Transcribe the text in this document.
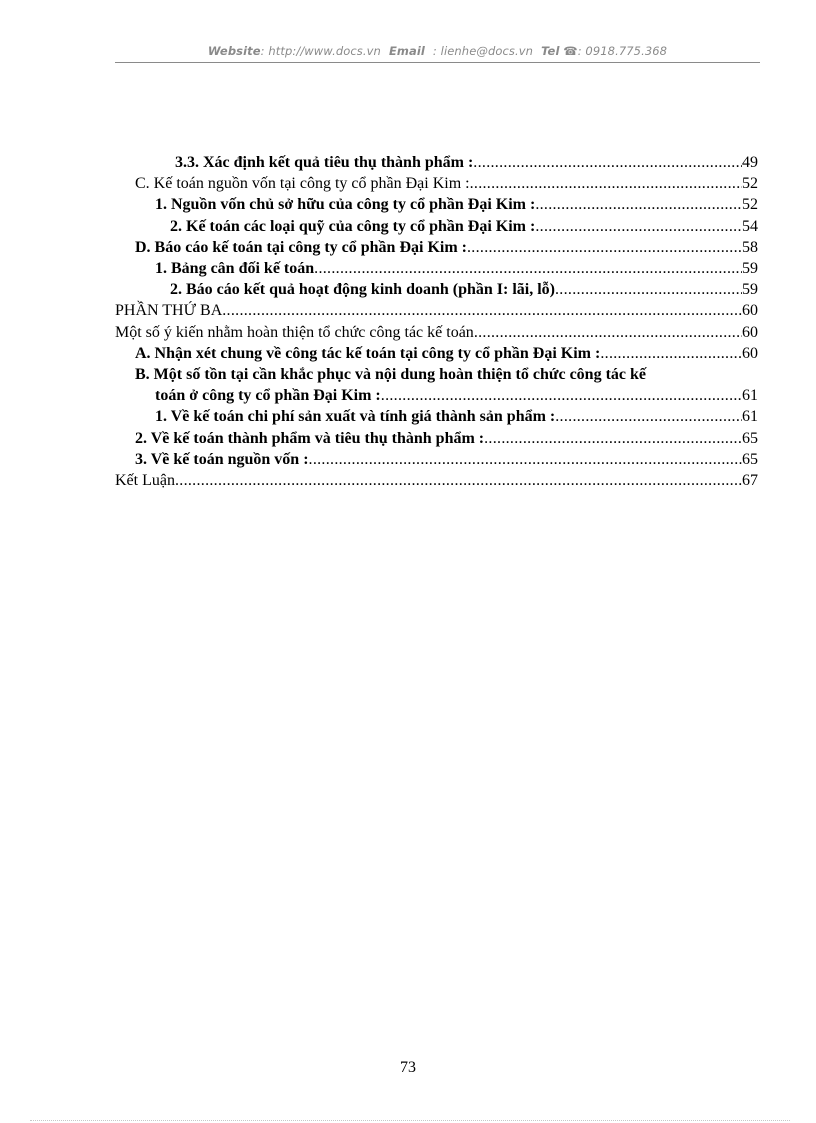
Website: http://www.docs.vn Email : lienhe@docs.vn Tel ☎: 0918.775.368
3.3. Xác định kết quả tiêu thụ thành phẩm : .....	49
C. Kế toán nguồn vốn tại công ty cổ phần Đại Kim : .....	52
1. Nguồn vốn chủ sở hữu của công ty cổ phần Đại Kim : .....	52
2. Kế toán các loại quỹ của công ty cổ phần Đại Kim : .....	54
D. Báo cáo kế toán tại công ty cổ phần Đại Kim : .....	58
1. Bảng cân đối kế toán .....	59
2. Báo cáo kết quả hoạt động kinh doanh (phần I: lãi, lỗ) .....	59
PHẦN THỨ BA .....	60
Một số ý kiến nhằm hoàn thiện tổ chức công tác kế toán .....	60
A. Nhận xét chung về công tác kế toán tại công ty cổ phần Đại Kim : .....	60
B. Một số tồn tại cần khắc phục và nội dung hoàn thiện tổ chức công tác kế
toán ở công ty cổ phần Đại Kim : .....	61
1. Về kế toán chi phí sản xuất và tính giá thành sản phẩm : .....	61
2. Về kế toán thành phẩm và tiêu thụ thành phẩm : .....	65
3. Về kế toán nguồn vốn : .....	65
Kết Luận .....	67
73
